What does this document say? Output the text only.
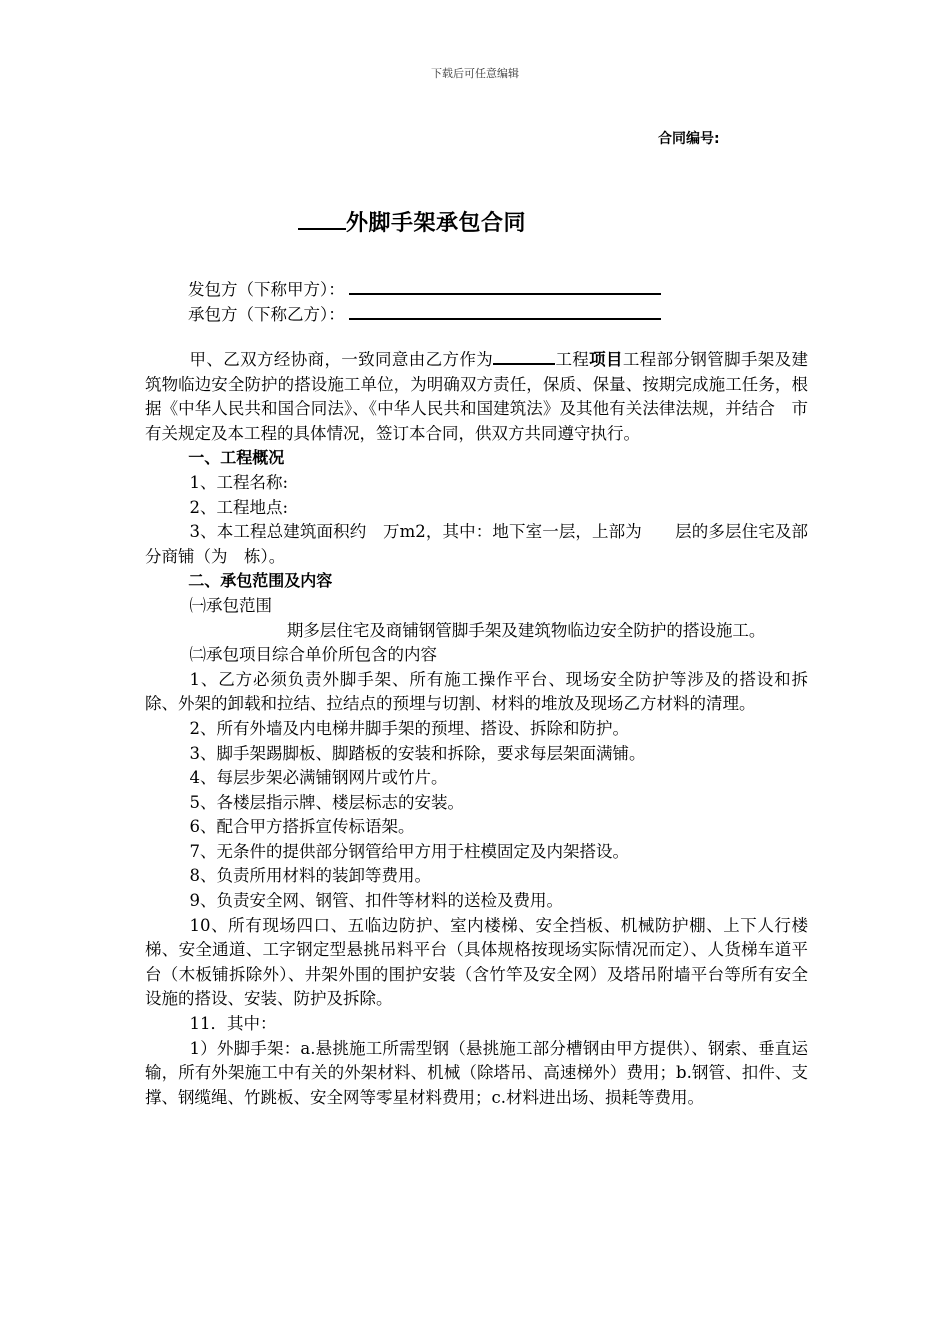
下载后可任意编辑
合同编号:
外脚手架承包合同
发包方（下称甲方）：
承包方（下称乙方）：

甲、乙双方经协商，一致同意由乙方作为	工程项目工程部分钢管脚手架及建筑物临边安全防护的搭设施工单位，为明确双方责任，保质、保量、按期完成施工任务，根据《中华人民共和国合同法》、《中华人民共和国建筑法》及其他有关法律法规，并结合　市有关规定及本工程的具体情况，签订本合同，供双方共同遵守执行。

一、工程概况

1、工程名称:

2、工程地点:

3、本工程总建筑面积约　万m2，其中：地下室一层，上部为　　层的多层住宅及部分商铺（为　栋）。

二、承包范围及内容

㈠承包范围

期多层住宅及商铺钢管脚手架及建筑物临边安全防护的搭设施工。

㈡承包项目综合单价所包含的内容

1、乙方必须负责外脚手架、所有施工操作平台、现场安全防护等涉及的搭设和拆除、外架的卸载和拉结、拉结点的预埋与切割、材料的堆放及现场乙方材料的清理。

2、所有外墙及内电梯井脚手架的预埋、搭设、拆除和防护。

3、脚手架踢脚板、脚踏板的安装和拆除，要求每层架面满铺。

4、每层步架必满铺钢网片或竹片。

5、各楼层指示牌、楼层标志的安装。

6、配合甲方搭拆宣传标语架。

7、无条件的提供部分钢管给甲方用于柱模固定及内架搭设。

8、负责所用材料的装卸等费用。

9、负责安全网、钢管、扣件等材料的送检及费用。

10、所有现场四口、五临边防护、室内楼梯、安全挡板、机械防护棚、上下人行楼梯、安全通道、工字钢定型悬挑吊料平台（具体规格按现场实际情况而定）、人货梯车道平台（木板铺拆除外）、井架外围的围护安装（含竹竿及安全网）及塔吊附墙平台等所有安全设施的搭设、安装、防护及拆除。

11．其中：

1）外脚手架：a.悬挑施工所需型钢（悬挑施工部分槽钢由甲方提供）、钢索、垂直运输，所有外架施工中有关的外架材料、机械（除塔吊、高速梯外）费用；b.钢管、扣件、支撑、钢缆绳、竹跳板、安全网等零星材料费用；c.材料进出场、损耗等费用。
